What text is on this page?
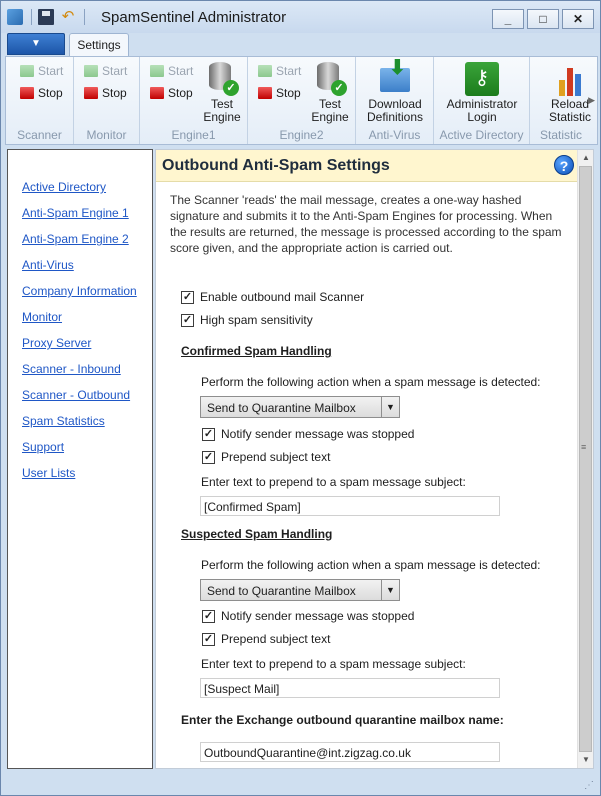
↶ SpamSentinel Administrator	_	□	✕
▼	Settings
Start
Stop
Scanner
Start
Stop
Monitor
Start
Stop	✓
Test
Engine
Engine1
Start
Stop	✓
Test
Engine
Engine2
⬇
Download
Definitions
Anti-Virus
⚷
Administrator
Login
Active Directory
Reload
Statistic
Statistic
▶
Active Directory
Anti-Spam Engine 1
Anti-Spam Engine 2
Anti-Virus
Company Information
Monitor
Proxy Server
Scanner - Inbound
Scanner - Outbound
Spam Statistics
Support
User Lists
Outbound Anti-Spam Settings	?
The Scanner 'reads' the mail message, creates a one-way hashed signature and submits it to the Anti-Spam Engines for processing. When the results are returned, the message is processed according to the spam score given, and the appropriate action is carried out.
✓ Enable outbound mail Scanner
✓ High spam sensitivity
Confirmed Spam Handling
Perform the following action when a spam message is detected:
Send to Quarantine Mailbox	▼
✓ Notify sender message was stopped
✓ Prepend subject text
Enter text to prepend to a spam message subject:
[Confirmed Spam]
Suspected Spam Handling
Perform the following action when a spam message is detected:
Send to Quarantine Mailbox	▼
✓ Notify sender message was stopped
✓ Prepend subject text
Enter text to prepend to a spam message subject:
[Suspect Mail]
Enter the Exchange outbound quarantine mailbox name:
OutboundQuarantine@int.zigzag.co.uk
▲
≡
▼
⋰
